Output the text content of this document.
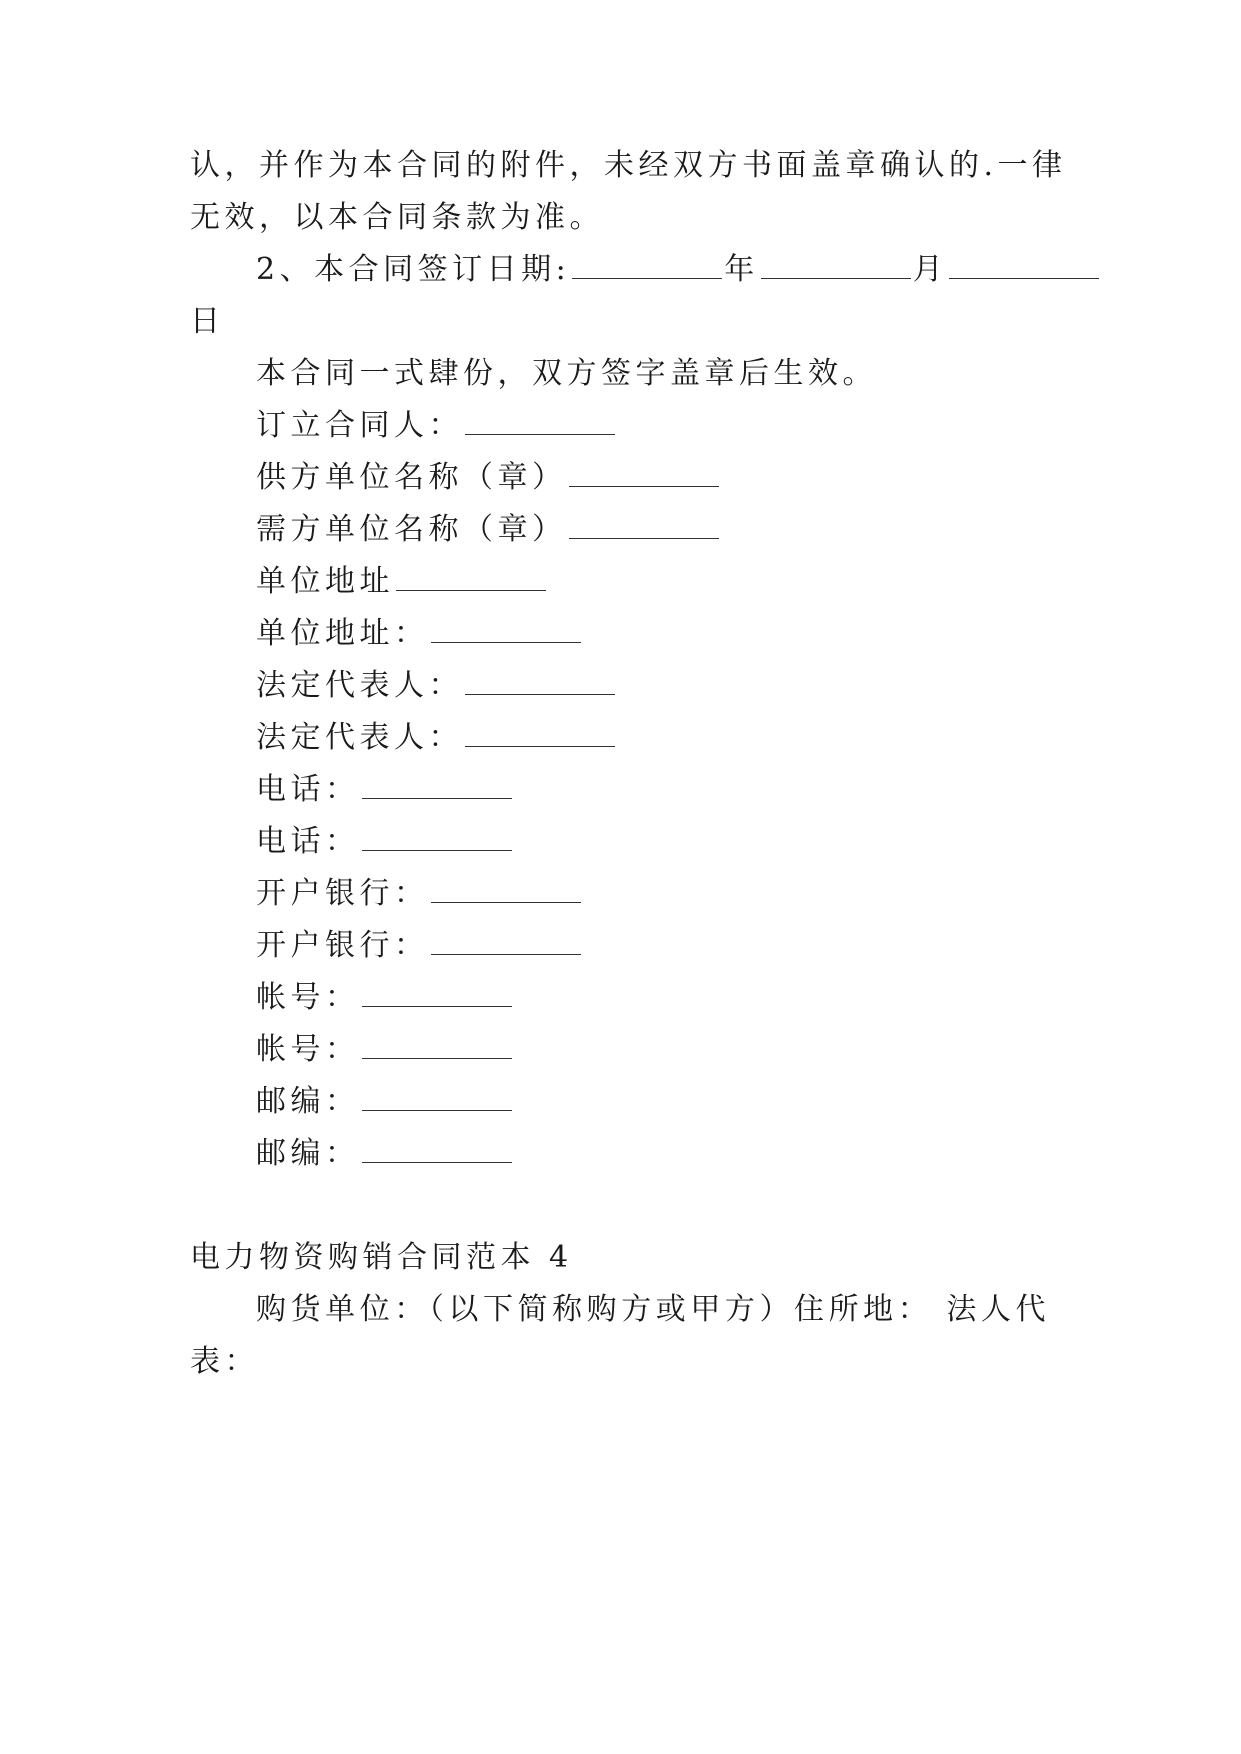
认，并作为本合同的附件，未经双方书面盖章确认的.一律
无效，以本合同条款为准。
2、本合同签订日期:	年	月
日
本合同一式肆份，双方签字盖章后生效。
订立合同人：
供方单位名称（章）
需方单位名称（章）
单位地址
单位地址：
法定代表人：
法定代表人：
电话：
电话：
开户银行：
开户银行：
帐号：
帐号：
邮编：
邮编：
电力物资购销合同范本 4
购货单位：（以下简称购方或甲方）住所地： 法人代
表：
